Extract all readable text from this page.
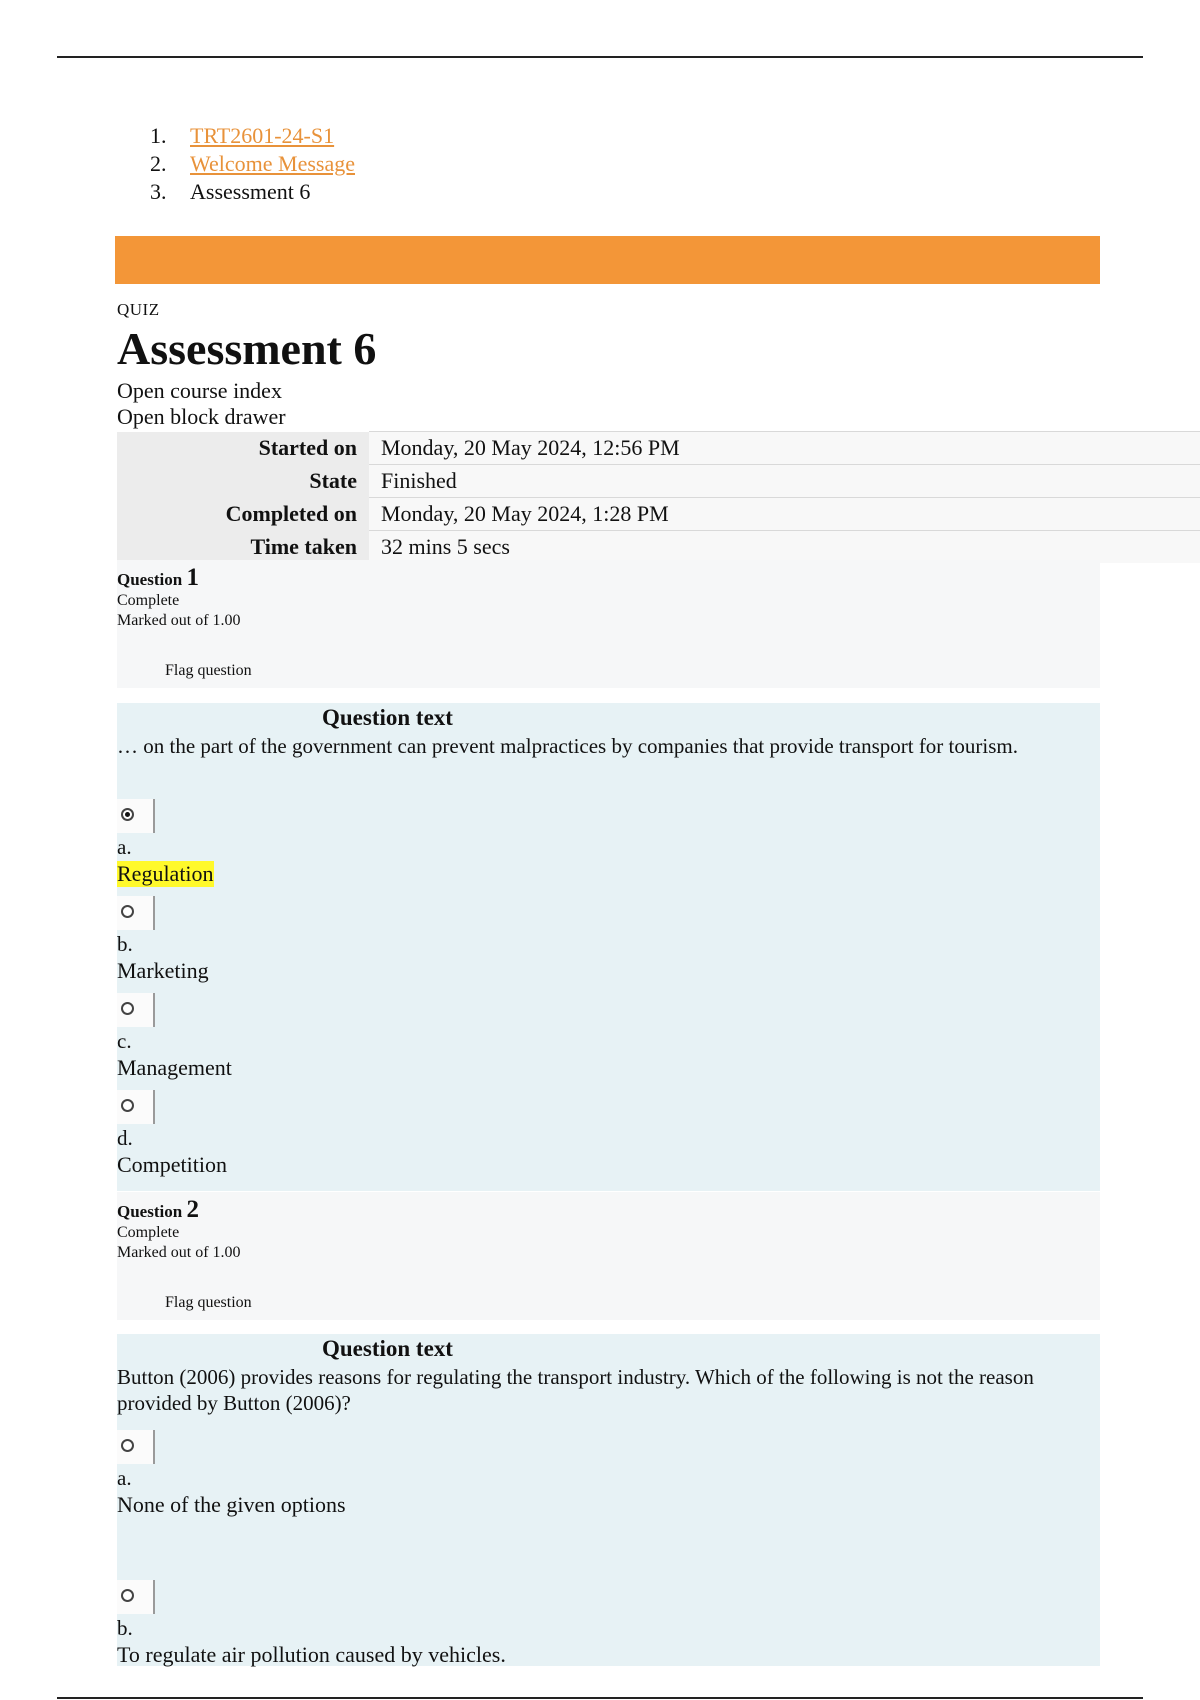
1. TRT2601-24-S1
2. Welcome Message
3. Assessment 6
QUIZ
Assessment 6
Open course index
Open block drawer
Started on	Monday, 20 May 2024, 12:56 PM
State	Finished
Completed on	Monday, 20 May 2024, 1:28 PM
Time taken	32 mins 5 secs
Question 1
Complete
Marked out of 1.00
Flag question
Question text
… on the part of the government can prevent malpractices by companies that provide transport for tourism.
a.
Regulation
b.
Marketing
c.
Management
d.
Competition
Question 2
Complete
Marked out of 1.00
Flag question
Question text
Button (2006) provides reasons for regulating the transport industry. Which of the following is not the reason provided by Button (2006)?
a.
None of the given options
b.
To regulate air pollution caused by vehicles.
